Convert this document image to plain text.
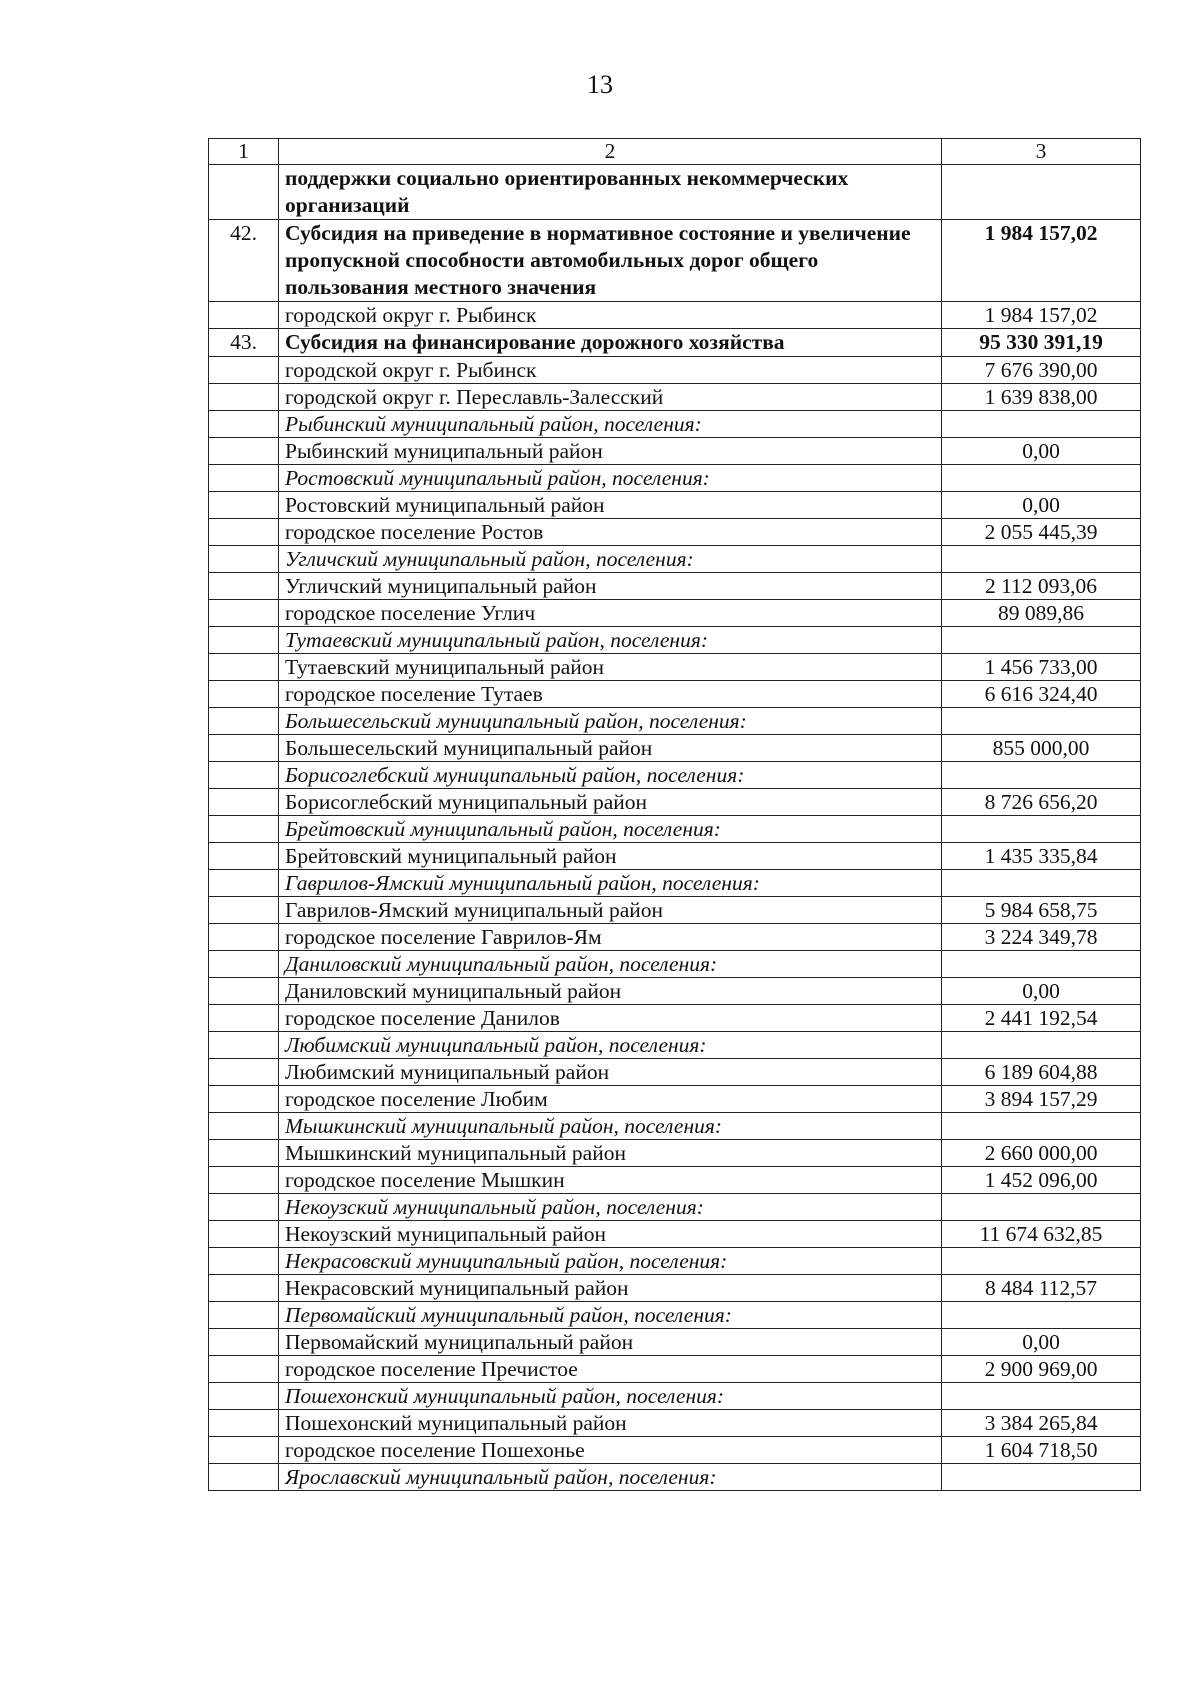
13
1	2	3
	поддержки социально ориентированных некоммерческих организаций	
42.	Субсидия на приведение в нормативное состояние и увеличение пропускной способности автомобильных дорог общего пользования местного значения	1 984 157,02
	городской округ г. Рыбинск	1 984 157,02
43.	Субсидия на финансирование дорожного хозяйства	95 330 391,19
	городской округ г. Рыбинск	7 676 390,00
	городской округ г. Переславль-Залесский	1 639 838,00
	Рыбинский муниципальный район, поселения:	
	Рыбинский муниципальный район	0,00
	Ростовский муниципальный район, поселения:	
	Ростовский муниципальный район	0,00
	городское поселение Ростов	2 055 445,39
	Угличский муниципальный район, поселения:	
	Угличский муниципальный район	2 112 093,06
	городское поселение Углич	89 089,86
	Тутаевский муниципальный район, поселения:	
	Тутаевский муниципальный район	1 456 733,00
	городское поселение Тутаев	6 616 324,40
	Большесельский муниципальный район, поселения:	
	Большесельский муниципальный район	855 000,00
	Борисоглебский муниципальный район, поселения:	
	Борисоглебский муниципальный район	8 726 656,20
	Брейтовский муниципальный район, поселения:	
	Брейтовский муниципальный район	1 435 335,84
	Гаврилов-Ямский муниципальный район, поселения:	
	Гаврилов-Ямский муниципальный район	5 984 658,75
	городское поселение Гаврилов-Ям	3 224 349,78
	Даниловский муниципальный район, поселения:	
	Даниловский муниципальный район	0,00
	городское поселение Данилов	2 441 192,54
	Любимский муниципальный район, поселения:	
	Любимский муниципальный район	6 189 604,88
	городское поселение Любим	3 894 157,29
	Мышкинский муниципальный район, поселения:	
	Мышкинский муниципальный район	2 660 000,00
	городское поселение Мышкин	1 452 096,00
	Некоузский муниципальный район, поселения:	
	Некоузский муниципальный район	11 674 632,85
	Некрасовский муниципальный район, поселения:	
	Некрасовский муниципальный район	8 484 112,57
	Первомайский муниципальный район, поселения:	
	Первомайский муниципальный район	0,00
	городское поселение Пречистое	2 900 969,00
	Пошехонский муниципальный район, поселения:	
	Пошехонский муниципальный район	3 384 265,84
	городское поселение Пошехонье	1 604 718,50
	Ярославский муниципальный район, поселения:	
